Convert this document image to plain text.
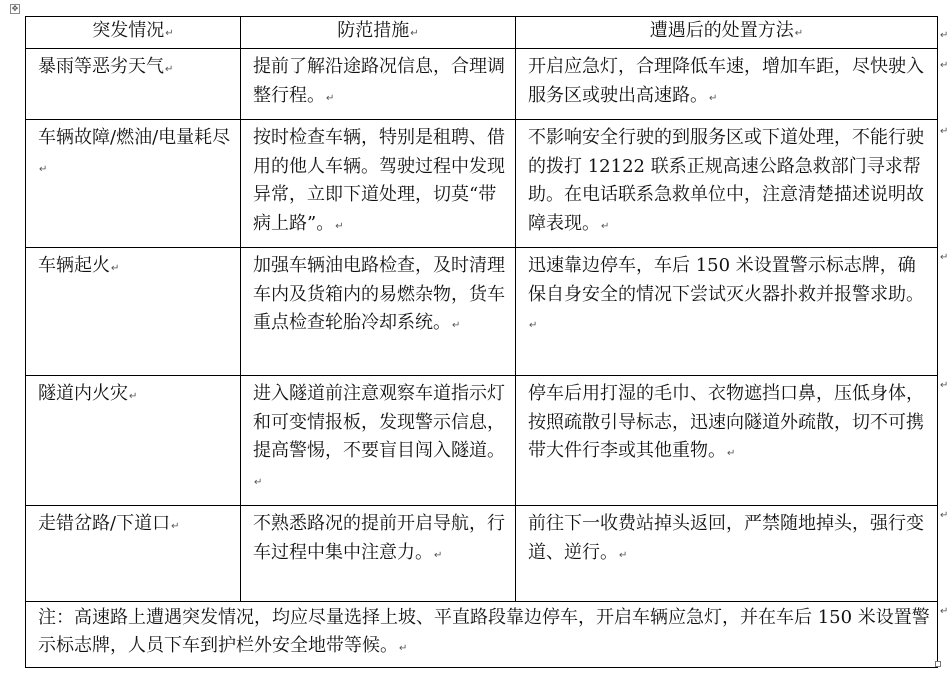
✥
突发情况↵	防范措施↵	遭遇后的处置方法↵
暴雨等恶劣天气↵	提前了解沿途路况信息，合理调整行程。↵	开启应急灯，合理降低车速，增加车距，尽快驶入服务区或驶出高速路。↵
车辆故障/燃油/电量耗尽↵	按时检查车辆，特别是租聘、借用的他人车辆。驾驶过程中发现异常，立即下道处理，切莫“带病上路”。↵	不影响安全行驶的到服务区或下道处理，不能行驶的拨打 12122 联系正规高速公路急救部门寻求帮助。在电话联系急救单位中，注意清楚描述说明故障表现。↵
车辆起火↵	加强车辆油电路检查，及时清理车内及货箱内的易燃杂物，货车重点检查轮胎冷却系统。↵	迅速靠边停车，车后 150 米设置警示标志牌，确保自身安全的情况下尝试灭火器扑救并报警求助。↵
隧道内火灾↵	进入隧道前注意观察车道指示灯和可变情报板，发现警示信息，提高警惕，不要盲目闯入隧道。↵	停车后用打湿的毛巾、衣物遮挡口鼻，压低身体，按照疏散引导标志，迅速向隧道外疏散，切不可携带大件行李或其他重物。↵
走错岔路/下道口↵	不熟悉路况的提前开启导航，行车过程中集中注意力。↵	前往下一收费站掉头返回，严禁随地掉头，强行变道、逆行。↵
注：高速路上遭遇突发情况，均应尽量选择上坡、平直路段靠边停车，开启车辆应急灯，并在车后 150 米设置警示标志牌，人员下车到护栏外安全地带等候。↵		
↵
↵
↵
↵
↵
↵
↵
